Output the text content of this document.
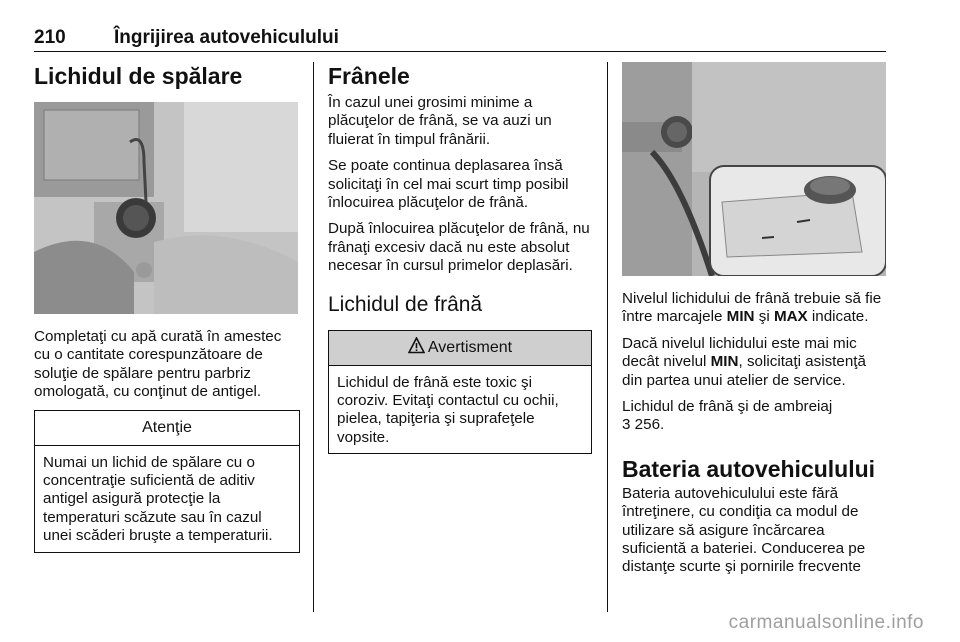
210	Îngrijirea autovehiculului
Lichidul de spălare

Completaţi cu apă curată în amestec cu o cantitate corespunzătoare de soluţie de spălare pentru parbriz omologată, cu conţinut de antigel.

Atenţie

Numai un lichid de spălare cu o concentraţie suficientă de aditiv antigel asigură protecţie la temperaturi scăzute sau în cazul unei scăderi bruşte a temperaturii.

Frânele

În cazul unei grosimi minime a plăcuţelor de frână, se va auzi un fluierat în timpul frânării.

Se poate continua deplasarea însă solicitaţi în cel mai scurt timp posibil înlocuirea plăcuţelor de frână.

După înlocuirea plăcuţelor de frână, nu frânaţi excesiv dacă nu este absolut necesar în cursul primelor deplasări.

Lichidul de frână
Avertisment

Lichidul de frână este toxic şi coroziv. Evitaţi contactul cu ochii, pielea, tapiţeria şi suprafeţele vopsite.

Nivelul lichidului de frână trebuie să fie între marcajele MIN şi MAX indicate.

Dacă nivelul lichidului este mai mic decât nivelul MIN, solicitaţi asistenţă din partea unui atelier de service.

Lichidul de frână şi de ambreiaj
3 256.

Bateria autovehiculului

Bateria autovehiculului este fără întreţinere, cu condiţia ca modul de utilizare să asigure încărcarea suficientă a bateriei. Conducerea pe distanţe scurte şi pornirile frecvente

carmanualsonline.info
